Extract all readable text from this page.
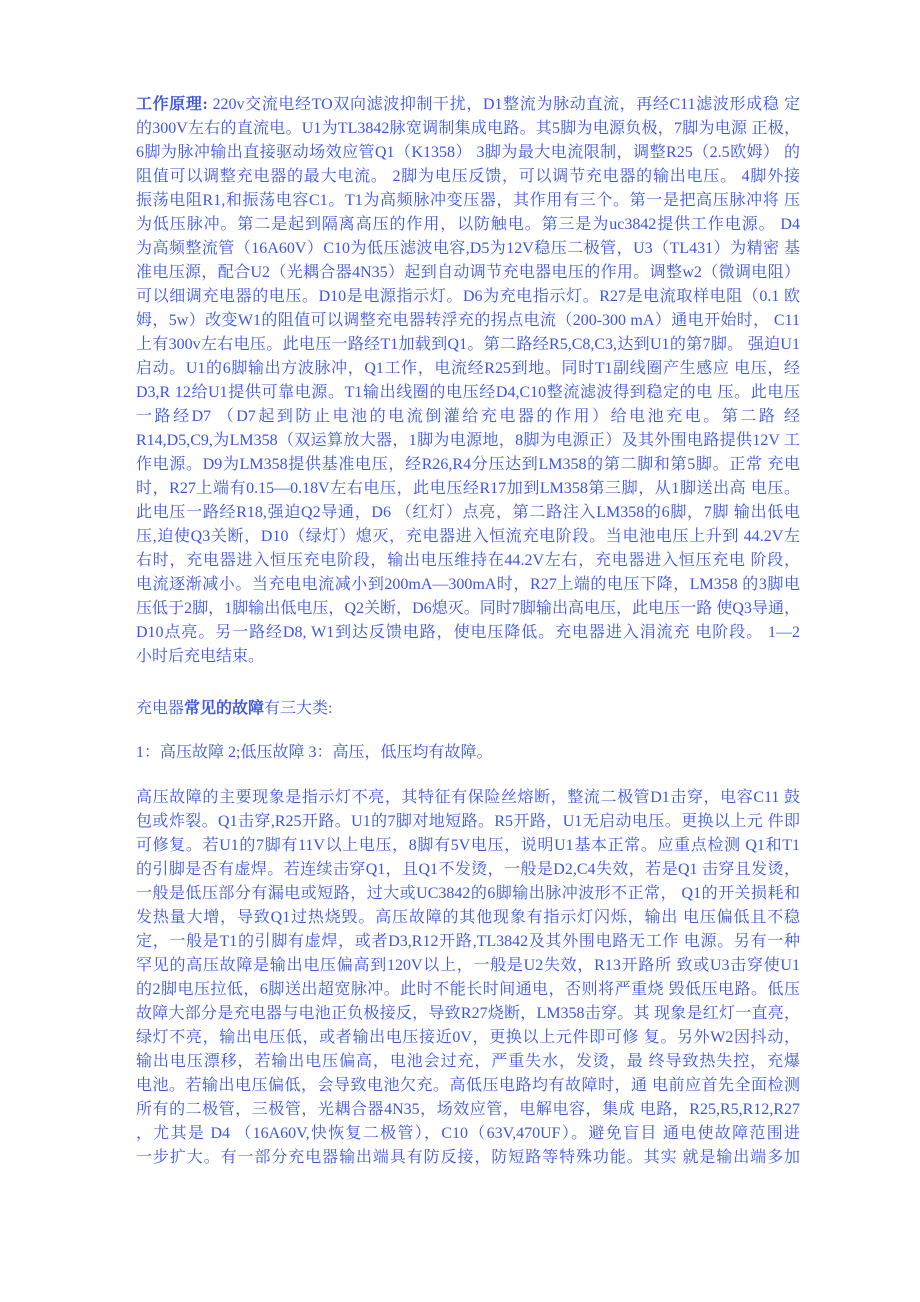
工作原理: 220v交流电经TO双向滤波抑制干扰，D1整流为脉动直流，再经C11滤波形成稳 定
的300V左右的直流电。U1为TL3842脉宽调制集成电路。其5脚为电源负极，7脚为电源 正极，
6脚为脉冲输出直接驱动场效应管Q1（K1358） 3脚为最大电流限制，调整R25（2.5欧姆） 的
阻值可以调整充电器的最大电流。 2脚为电压反馈，可以调节充电器的输出电压。 4脚外接
振荡电阻R1,和振荡电容C1。T1为高频脉冲变压器，其作用有三个。第一是把高压脉冲将 压
为低压脉冲。第二是起到隔离高压的作用，以防触电。第三是为uc3842提供工作电源。 D4
为高频整流管（16A60V）C10为低压滤波电容,D5为12V稳压二极管，U3（TL431）为精密 基
准电压源，配合U2（光耦合器4N35）起到自动调节充电器电压的作用。调整w2（微调电阻）
可以细调充电器的电压。D10是电源指示灯。D6为充电指示灯。R27是电流取样电阻（0.1 欧
姆，5w）改变W1的阻值可以调整充电器转浮充的拐点电流（200-300 mA）通电开始时， C11
上有300v左右电压。此电压一路经T1加载到Q1。第二路经R5,C8,C3,达到U1的第7脚。 强迫U1
启动。U1的6脚输出方波脉冲，Q1工作，电流经R25到地。同时T1副线圈产生感应 电压，经
D3,R 12给U1提供可靠电源。T1输出线圈的电压经D4,C10整流滤波得到稳定的电 压。此电压
一路经D7 （D7起到防止电池的电流倒灌给充电器的作用）给电池充电。第二路 经
R14,D5,C9,为LM358（双运算放大器，1脚为电源地，8脚为电源正）及其外围电路提供12V 工
作电源。D9为LM358提供基准电压，经R26,R4分压达到LM358的第二脚和第5脚。正常 充电
时，R27上端有0.15—0.18V左右电压，此电压经R17加到LM358第三脚，从1脚送出高 电压。
此电压一路经R18,强迫Q2导通，D6 （红灯）点亮，第二路注入LM358的6脚，7脚 输出低电
压,迫使Q3关断，D10（绿灯）熄灭，充电器进入恒流充电阶段。当电池电压上升到 44.2V左
右时，充电器进入恒压充电阶段，输出电压维持在44.2V左右，充电器进入恒压充电 阶段，
电流逐渐减小。当充电电流减小到200mA—300mA时，R27上端的电压下降，LM358 的3脚电
压低于2脚，1脚输出低电压，Q2关断，D6熄灭。同时7脚输出高电压，此电压一路 使Q3导通，
D10点亮。另一路经D8, W1到达反馈电路，使电压降低。充电器进入涓流充 电阶段。 1—2
小时后充电结束。
充电器常见的故障有三大类:
1：高压故障 2;低压故障 3：高压，低压均有故障。
高压故障的主要现象是指示灯不亮，其特征有保险丝熔断，整流二极管D1击穿，电容C11 鼓
包或炸裂。Q1击穿,R25开路。U1的7脚对地短路。R5开路，U1无启动电压。更换以上元 件即
可修复。若U1的7脚有11V以上电压，8脚有5V电压，说明U1基本正常。应重点检测 Q1和T1
的引脚是否有虚焊。若连续击穿Q1，且Q1不发烫，一般是D2,C4失效，若是Q1 击穿且发烫，
一般是低压部分有漏电或短路，过大或UC3842的6脚输出脉冲波形不正常， Q1的开关损耗和
发热量大增，导致Q1过热烧毁。高压故障的其他现象有指示灯闪烁，输出 电压偏低且不稳
定，一般是T1的引脚有虚焊，或者D3,R12开路,TL3842及其外围电路无工作 电源。另有一种
罕见的高压故障是输出电压偏高到120V以上，一般是U2失效，R13开路所 致或U3击穿使U1
的2脚电压拉低，6脚送出超宽脉冲。此时不能长时间通电，否则将严重烧 毁低压电路。低压
故障大部分是充电器与电池正负极接反，导致R27烧断，LM358击穿。其 现象是红灯一直亮，
绿灯不亮，输出电压低，或者输出电压接近0V，更换以上元件即可修 复。另外W2因抖动，
输出电压漂移，若输出电压偏高，电池会过充，严重失水，发烫，最 终导致热失控，充爆
电池。若输出电压偏低，会导致电池欠充。高低压电路均有故障时，通 电前应首先全面检测
所有的二极管，三极管，光耦合器4N35，场效应管，电解电容，集成 电路，R25,R5,R12,R27
，尤其是 D4 （16A60V,快恢复二极管），C10（63V,470UF）。避免盲目 通电使故障范围进
一步扩大。有一部分充电器输出端具有防反接，防短路等特殊功能。其实 就是输出端多加
